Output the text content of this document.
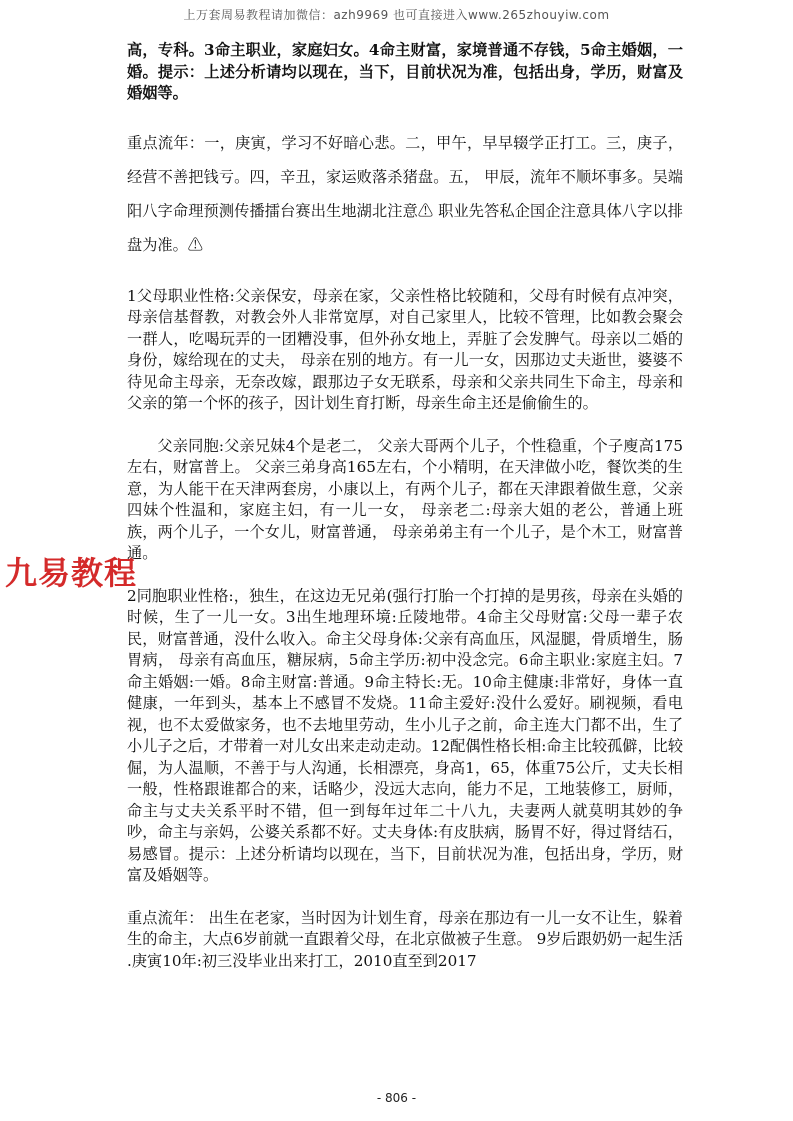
上万套周易教程请加微信：azh9969 也可直接进入www.265zhouyiw.com
九易教程

高，专科。3命主职业，家庭妇女。4命主财富，家境普通不存钱，5命主婚姻，一婚。提示：上述分析请均以现在，当下，目前状况为准，包括出身，学历，财富及婚姻等。

重点流年：一，庚寅，学习不好暗心悲。二，甲午，早早辍学正打工。三，庚子，经营不善把钱亏。四，辛丑，家运败落杀猪盘。五， 甲辰，流年不顺坏事多。吴端阳八字命理预测传播擂台赛出生地湖北注意⚠ 职业先答私企国企注意具体八字以排盘为准。⚠

1父母职业性格:父亲保安，母亲在家，父亲性格比较随和，父母有时候有点冲突，母亲信基督教，对教会外人非常宽厚，对自己家里人，比较不管理，比如教会聚会一群人，吃喝玩弄的一团糟没事，但外孙女地上，弄脏了会发脾气。母亲以二婚的身份，嫁给现在的丈夫， 母亲在别的地方。有一儿一女，因那边丈夫逝世，婆婆不待见命主母亲，无奈改嫁，跟那边子女无联系，母亲和父亲共同生下命主，母亲和父亲的第一个怀的孩子，因计划生育打断，母亲生命主还是偷偷生的。

父亲同胞:父亲兄妹4个是老二， 父亲大哥两个儿子，个性稳重，个子廋高175左右，财富普上。 父亲三弟身高165左右，个小精明，在天津做小吃，餐饮类的生意，为人能干在天津两套房，小康以上，有两个儿子，都在天津跟着做生意，父亲四妹个性温和，家庭主妇，有一儿一女， 母亲老二:母亲大姐的老公，普通上班族，两个儿子，一个女儿，财富普通， 母亲弟弟主有一个儿子，是个木工，财富普通。

2同胞职业性格:，独生，在这边无兄弟(强行打胎一个打掉的是男孩，母亲在头婚的时候，生了一儿一女。3出生地理环境:丘陵地带。4命主父母财富:父母一辈子农民，财富普通，没什么收入。命主父母身体:父亲有高血压，风湿腿，骨质增生，肠胃病， 母亲有高血压，糖尿病，5命主学历:初中没念完。6命主职业:家庭主妇。7命主婚姻:一婚。8命主财富:普通。9命主特长:无。10命主健康:非常好，身体一直健康，一年到头，基本上不感冒不发烧。11命主爱好:没什么爱好。刷视频，看电视，也不太爱做家务，也不去地里劳动，生小儿子之前，命主连大门都不出，生了小儿子之后，才带着一对儿女出来走动走动。12配偶性格长相:命主比较孤僻，比较倔，为人温顺，不善于与人沟通，长相漂亮，身高1，65，体重75公斤，丈夫长相一般，性格跟谁都合的来，话略少，没远大志向，能力不足，工地装修工，厨师，命主与丈夫关系平时不错，但一到每年过年二十八九，夫妻两人就莫明其妙的争吵，命主与亲妈，公婆关系都不好。丈夫身体:有皮肤病，肠胃不好，得过肾结石，易感冒。提示：上述分析请均以现在，当下，目前状况为准，包括出身，学历，财富及婚姻等。

重点流年： 出生在老家，当时因为计划生育，母亲在那边有一儿一女不让生，躲着生的命主，大点6岁前就一直跟着父母，在北京做被子生意。 9岁后跟奶奶一起生活 .庚寅10年:初三没毕业出来打工，2010直至到2017

- 806 -
